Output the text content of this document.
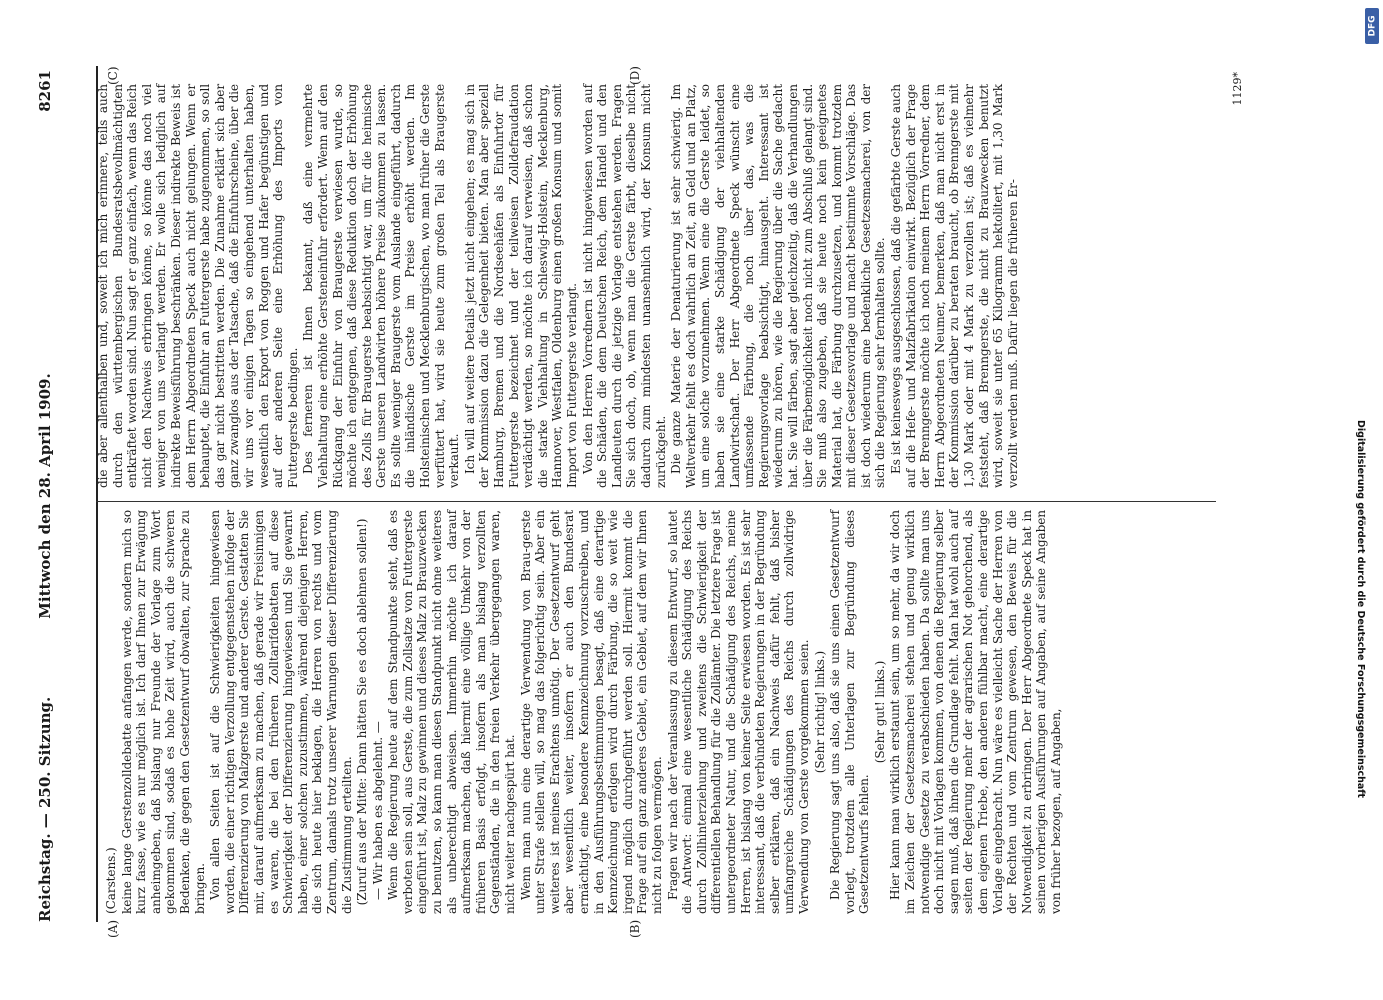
Reichstag. — 250. Sitzung.
Mittwoch den 28. April 1909.
8261
(A)	(B)
(C)	(D)

(Carstens.) keine lange Gerstenzolldebatte anfangen werde, sondern mich so kurz fasse, wie es nur möglich ist. Ich darf Ihnen zur Erwägung anheimgeben, daß bislang nur Freunde der Vorlage zum Wort gekommen sind, sodaß es hohe Zeit wird, auch die schweren Bedenken, die gegen den Gesetzentwurf obwalten, zur Sprache zu bringen. Von allen Seiten ist auf die Schwierigkeiten hingewiesen worden, die einer richtigen Verzollung entgegenstehen infolge der Differenzierung von Malzgerste und anderer Gerste. Gestatten Sie mir, darauf aufmerksam zu machen, daß gerade wir Freisinnigen es waren, die bei den früheren Zolltarifdebatten auf diese Schwierigkeit der Differenzierung hingewiesen und Sie gewarnt haben, einer solchen zuzustimmen, während diejenigen Herren, die sich heute hier beklagen, die Herren von rechts und vom Zentrum, damals trotz unserer Warnungen dieser Differenzierung die Zustimmung erteilten. (Zuruf aus der Mitte: Dann hätten Sie es doch ablehnen sollen!) — Wir haben es abgelehnt. — Wenn die Regierung heute auf dem Standpunkte steht, daß es verboten sein soll, aus Gerste, die zum Zollsatze von Futtergerste eingeführt ist, Malz zu gewinnen und dieses Malz zu Brauzwecken zu benutzen, so kann man diesen Standpunkt nicht ohne weiteres als unberechtigt abweisen. Immerhin möchte ich darauf aufmerksam machen, daß hiermit eine völlige Umkehr von der früheren Basis erfolgt, insofern als man bislang verzollten Gegenständen, die in den freien Verkehr übergegangen waren, nicht weiter nachgespürt hat. Wenn man nun eine derartige Verwendung von Brau-gerste unter Strafe stellen will, so mag das folgerichtig sein. Aber ein weiteres ist meines Erachtens unnötig. Der Gesetzentwurf geht aber wesentlich weiter, insofern er auch den Bundesrat ermächtigt, eine besondere Kennzeichnung vorzuschreiben, und in den Ausführungsbestimmungen besagt, daß eine derartige Kennzeichnung erfolgen wird durch Färbung, die so weit wie irgend möglich durchgeführt werden soll. Hiermit kommt die Frage auf ein ganz anderes Gebiet, ein Gebiet, auf dem wir Ihnen nicht zu folgen vermögen. Fragen wir nach der Veranlassung zu diesem Entwurf, so lautet die Antwort: einmal eine wesentliche Schädigung des Reichs durch Zollhinterziehung und zweitens die Schwierigkeit der differentiellen Behandlung für die Zollämter. Die letztere Frage ist untergeordneter Natur, und die Schädigung des Reichs, meine Herren, ist bislang von keiner Seite erwiesen worden. Es ist sehr interessant, daß die verbündeten Regierungen in der Begründung selber erklären, daß ein Nachweis dafür fehlt, daß bisher umfangreiche Schädigungen des Reichs durch zollwidrige Verwendung von Gerste vorgekommen seien. (Sehr richtig! links.) Die Regierung sagt uns also, daß sie uns einen Gesetzentwurf vorlegt, trotzdem alle Unterlagen zur Begründung dieses Gesetzentwurfs fehlen.

(Sehr gut! links.) Hier kann man wirklich erstaunt sein, um so mehr, da wir doch im Zeichen der Gesetzesmacherei stehen und genug wirklich notwendige Gesetze zu verabschieden haben. Da sollte man uns doch nicht mit Vorlagen kommen, von denen die Regierung selber sagen muß, daß ihnen die Grundlage fehlt. Man hat wohl auch auf seiten der Regierung mehr der agrarischen Not gehorchend, als dem eigenen Triebe, den anderen fühlbar macht, eine derartige Vorlage eingebracht. Nun wäre es vielleicht Sache der Herren von der Rechten und vom Zentrum gewesen, den Beweis für die Notwendigkeit zu erbringen. Der Herr Abgeordnete Speck hat in seinen vorherigen Ausführungen auf Angaben, auf seine Angaben von früher bezogen, auf Angaben,

die aber allenthalben und, soweit ich mich erinnere, teils auch durch den württembergischen Bundesratsbevollmächtigten entkräftet worden sind. Nun sagt er ganz einfach, wenn das Reich nicht den Nachweis erbringen könne, so könne das noch viel weniger von uns verlangt werden. Er wolle sich lediglich auf indirekte Beweisführung beschränken. Dieser indirekte Beweis ist dem Herrn Abgeordneten Speck auch nicht gelungen. Wenn er behauptet, die Einfuhr an Futtergerste habe zugenommen, so soll das gar nicht bestritten werden. Die Zunahme erklärt sich aber ganz zwanglos aus der Tatsache, daß die Einfuhrscheine, über die wir uns vor einigen Tagen so eingehend unterhalten haben, wesentlich den Export von Roggen und Hafer begünstigen und auf der anderen Seite eine Erhöhung des Imports von Futtergerste bedingen. Des ferneren ist Ihnen bekannt, daß eine vermehrte Viehhaltung eine erhöhte Gersteneinfuhr erfordert. Wenn auf den Rückgang der Einfuhr von Braugerste verwiesen wurde, so möchte ich entgegnen, daß diese Reduktion doch der Erhöhung des Zolls für Braugerste beabsichtigt war, um für die heimische Gerste unseren Landwirten höhere Preise zukommen zu lassen. Es sollte weniger Braugerste vom Auslande eingeführt, dadurch die inländische Gerste im Preise erhöht werden. Im Holsteinischen und Mecklenburgischen, wo man früher die Gerste verfüttert hat, wird sie heute zum großen Teil als Braugerste verkauft. Ich will auf weitere Details jetzt nicht eingehen; es mag sich in der Kommission dazu die Gelegenheit bieten. Man aber speziell Hamburg, Bremen und die Nordseehäfen als Einfuhrtor für Futtergerste bezeichnet und der teilweisen Zolldefraudation verdächtigt werden, so möchte ich darauf verweisen, daß schon die starke Viehhaltung in Schleswig-Holstein, Mecklenburg, Hannover, Westfalen, Oldenburg einen großen Konsum und somit Import von Futtergerste verlangt. Von den Herren Vorrednern ist nicht hingewiesen worden auf die Schäden, die dem Deutschen Reich, dem Handel und den Landleuten durch die jetzige Vorlage entstehen werden. Fragen Sie sich doch, ob, wenn man die Gerste färbt, dieselbe nicht dadurch zum mindesten unansehnlich wird, der Konsum nicht zurückgeht. Die ganze Materie der Denaturierung ist sehr schwierig. Im Weltverkehr fehlt es doch wahrlich an Zeit, an Geld und an Platz, um eine solche vorzunehmen. Wenn eine die Gerste leidet, so haben sie eine starke Schädigung der viehhaltenden Landwirtschaft. Der Herr Abgeordnete Speck wünscht eine umfassende Färbung, die noch über das, was die Regierungsvorlage beabsichtigt, hinausgeht. Interessant ist wiederum zu hören, wie die Regierung über die Sache gedacht hat. Sie will färben, sagt aber gleichzeitig, daß die Verhandlungen über die Färbemöglichkeit noch nicht zum Abschluß gelangt sind. Sie muß also zugeben, daß sie heute noch kein geeignetes Material hat, die Färbung durchzusetzen, und kommt trotzdem mit dieser Gesetzesvorlage und macht bestimmte Vorschläge. Das ist doch wiederum eine bedenkliche Gesetzesmacherei, von der sich die Regierung sehr fernhalten sollte. Es ist keineswegs ausgeschlossen, daß die gefärbte Gerste auch auf die Hefe- und Malzfabrikation einwirkt. Bezüglich der Frage der Brenngerste möchte ich noch meinem Herrn Vorredner, dem Herrn Abgeordneten Neumer, bemerken, daß man nicht erst in der Kommission darüber zu beraten braucht, ob Brenngerste mit 1,30 Mark oder mit 4 Mark zu verzollen ist; daß es vielmehr feststeht, daß Brenngerste, die nicht zu Brauzwecken benutzt wird, soweit sie unter 65 Kilogramm hektolitert, mit 1,30 Mark verzollt werden muß. Dafür liegen die früheren Er-

1129*
DFG
Digitalisierung gefördert durch die Deutsche Forschungsgemeinschaft
